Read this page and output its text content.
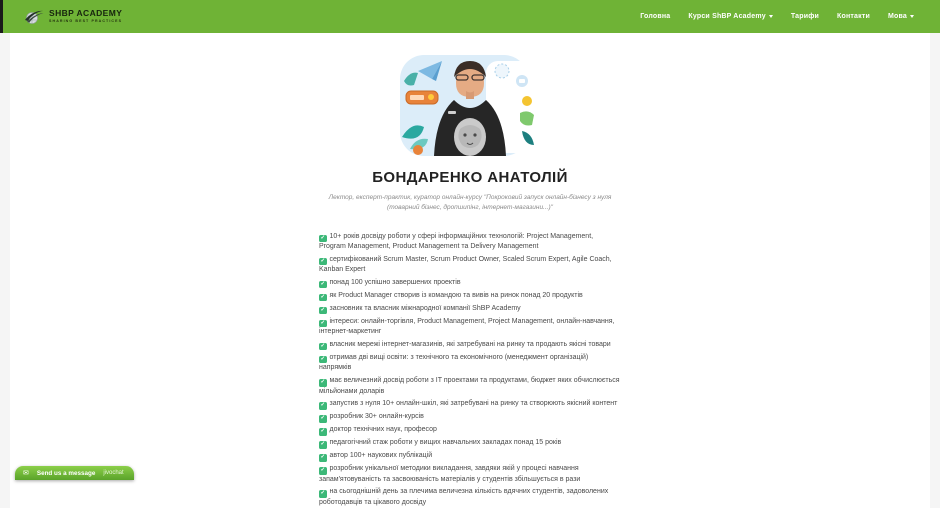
SHBP ACADEMY
SHARING BEST PRACTICES
Головна	Курси ShBP Academy	Тарифи	Контакти	Мова
БОНДАРЕНКО АНАТОЛІЙ

Лектор, експерт-практик, куратор онлайн-курсу "Покроковий запуск онлайн-бізнесу з нуля (товарний бізнес, дропшипінг, інтернет-магазини...)"

✓ 10+ років досвіду роботи у сфері інформаційних технологій: Project Management, Program Management, Product Management та Delivery Management
✓ сертифікований Scrum Master, Scrum Product Owner, Scaled Scrum Expert, Agile Coach, Kanban Expert
✓ понад 100 успішно завершених проектів
✓ як Product Manager створив із командою та вивів на ринок понад 20 продуктів
✓ засновник та власник міжнародної компанії ShBP Academy
✓ інтереси: онлайн-торгівля, Product Management, Project Management, онлайн-навчання, інтернет-маркетинг
✓ власник мережі інтернет-магазинів, які затребувані на ринку та продають якісні товари
✓ отримав дві вищі освіти: з технічного та економічного (менеджмент організацій) напрямків
✓ має величезний досвід роботи з IT проектами та продуктами, бюджет яких обчислюється мільйонами доларів
✓ запустив з нуля 10+ онлайн-шкіл, які затребувані на ринку та створюють якісний контент
✓ розробник 30+ онлайн-курсів
✓ доктор технічних наук, професор
✓ педагогічний стаж роботи у вищих навчальних закладах понад 15 років
✓ автор 100+ наукових публікацій
✓ розробник унікальної методики викладання, завдяки якій у процесі навчання запам'ятовуваність та засвоюваність матеріалів у студентів збільшується в рази
✓ на сьогоднішній день за плечима величезна кількість вдячних студентів, задоволених роботодавців та цікавого досвіду
✉ Send us a message jivochat
